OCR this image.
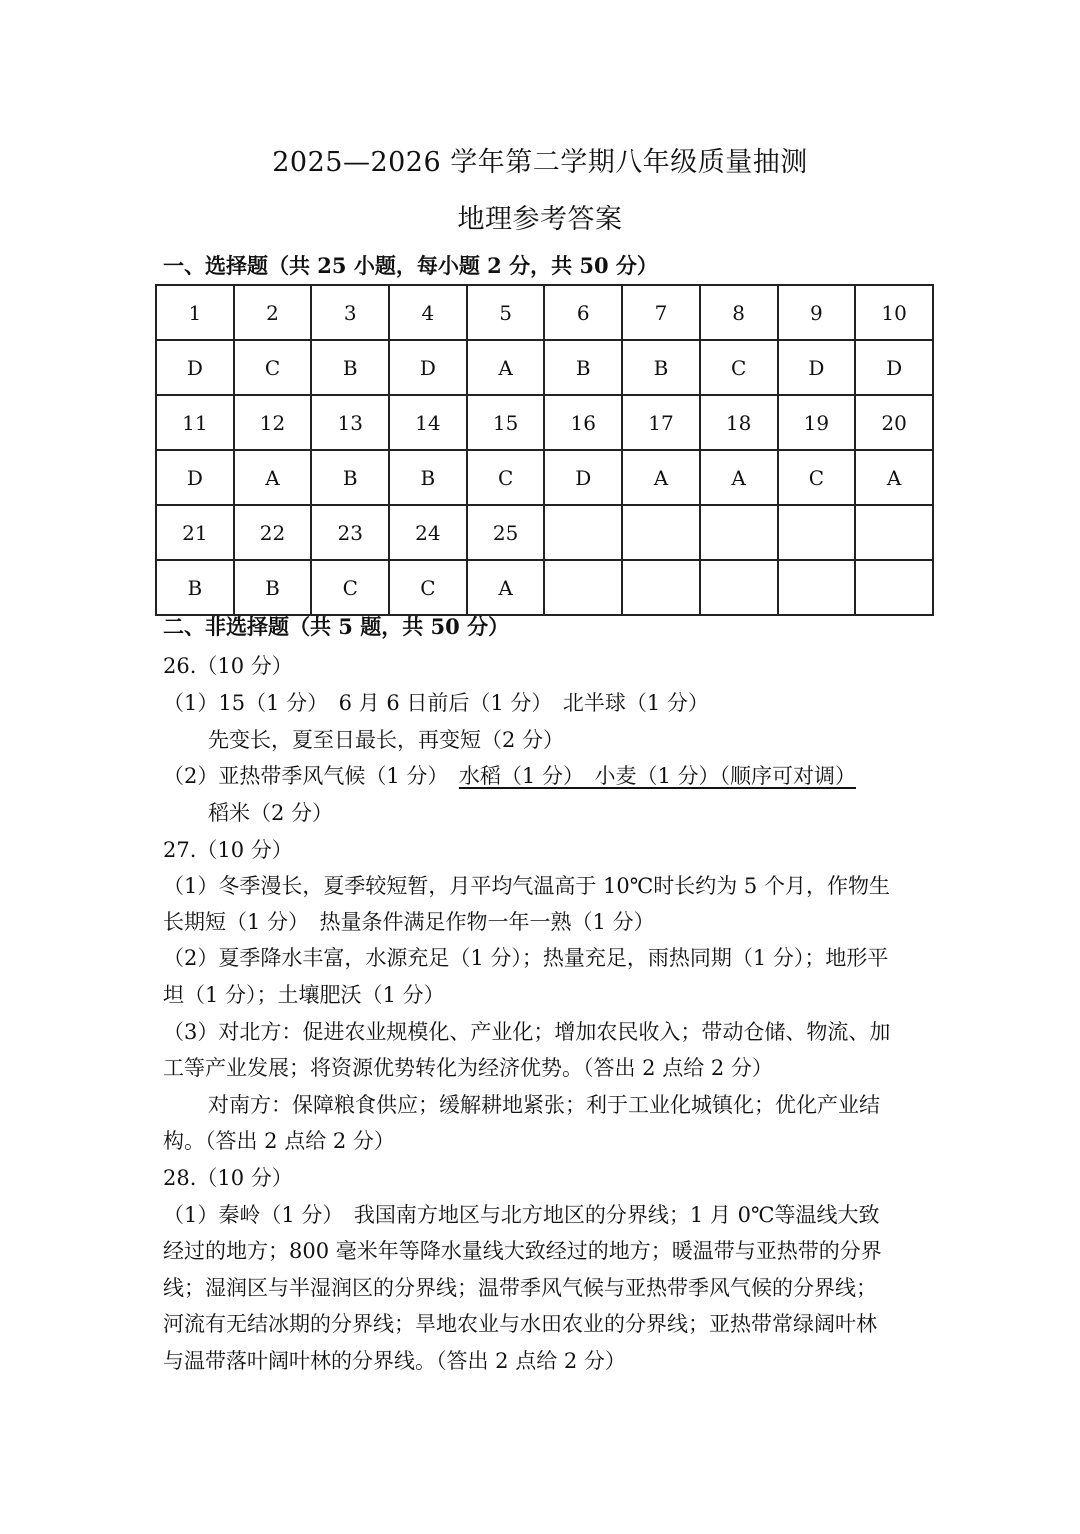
2025—2026 学年第二学期八年级质量抽测
地理参考答案
一、选择题（共 25 小题，每小题 2 分，共 50 分）
1	2	3	4	5	6	7	8	9	10
D	C	B	D	A	B	B	C	D	D
11	12	13	14	15	16	17	18	19	20
D	A	B	B	C	D	A	A	C	A
21	22	23	24	25					
B	B	C	C	A					
二、非选择题（共 5 题，共 50 分）
26.（10 分）
（1）15（1 分）　6 月 6 日前后（1 分）　北半球（1 分）
先变长，夏至日最长，再变短（2 分）
（2）亚热带季风气候（1 分）　水稻（1 分）　小麦（1 分）（顺序可对调）
稻米（2 分）
27.（10 分）
（1）冬季漫长，夏季较短暂，月平均气温高于 10℃时长约为 5 个月，作物生
长期短（1 分）　热量条件满足作物一年一熟（1 分）
（2）夏季降水丰富，水源充足（1 分）；热量充足，雨热同期（1 分）；地形平
坦（1 分）；土壤肥沃（1 分）
（3）对北方：促进农业规模化、产业化；增加农民收入；带动仓储、物流、加
工等产业发展；将资源优势转化为经济优势。（答出 2 点给 2 分）
对南方：保障粮食供应；缓解耕地紧张；利于工业化城镇化；优化产业结
构。（答出 2 点给 2 分）
28.（10 分）
（1）秦岭（1 分）　我国南方地区与北方地区的分界线；1 月 0℃等温线大致
经过的地方；800 毫米年等降水量线大致经过的地方；暖温带与亚热带的分界
线；湿润区与半湿润区的分界线；温带季风气候与亚热带季风气候的分界线；
河流有无结冰期的分界线；旱地农业与水田农业的分界线；亚热带常绿阔叶林
与温带落叶阔叶林的分界线。（答出 2 点给 2 分）
